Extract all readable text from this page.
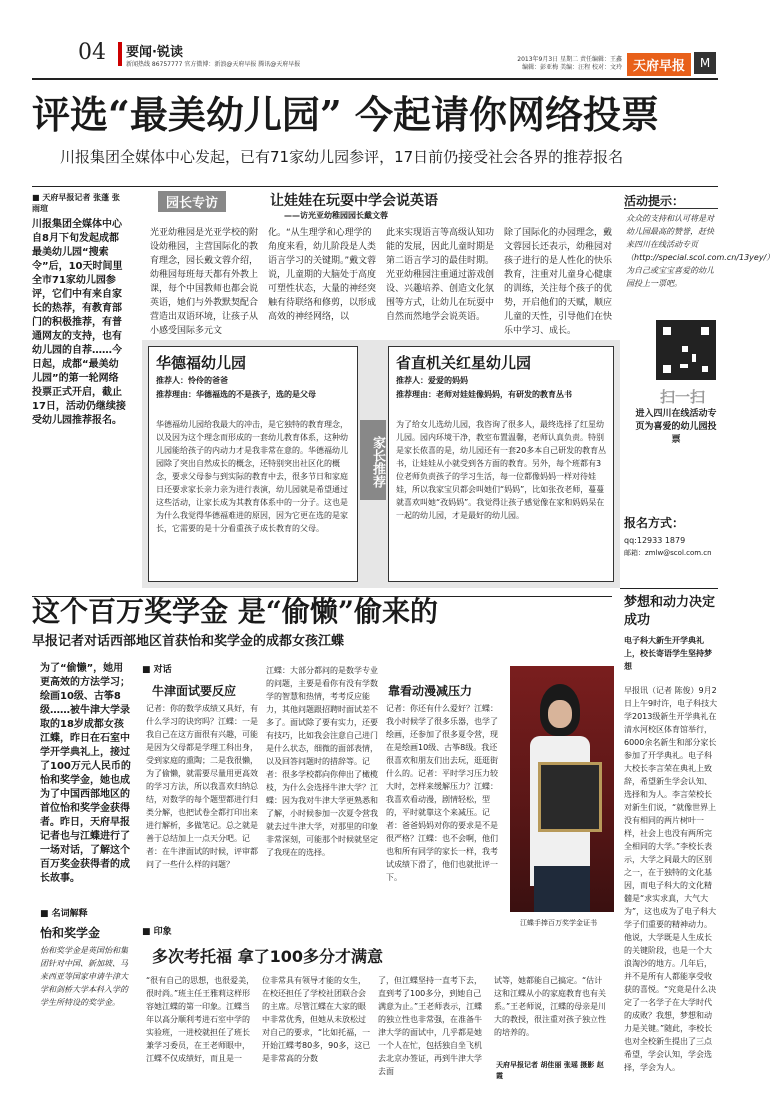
04 要闻·锐读
新闻热线 86757777 官方微博：新浪@天府早报 腾讯@天府早报
2013年9月3日 星期二 责任编辑：王鑫 编辑：彭亚梅 美编：汪程 校对：文玲 天府早报	M
评选“最美幼儿园” 今起请你网络投票
川报集团全媒体中心发起，已有71家幼儿园参评，17日前仍接受社会各界的推荐报名
■ 天府早报记者 张蓬 张雨瑄
川报集团全媒体中心自8月下旬发起成都最美幼儿园“搜索令”后，10天时间里全市71家幼儿园参评，它们中有来自家长的热荐，有教育部门的积极推荐，有普通网友的支持，也有幼儿园的自荐……今日起，成都“最美幼儿园”的第一轮网络投票正式开启，截止17日，活动仍继续接受幼儿园推荐报名。
园长专访	让娃娃在玩耍中学会说英语
——访光亚幼稚园园长戴文蓉
光亚幼稚园是光亚学校的附设幼稚园，主营国际化的教育理念，园长戴文蓉介绍，幼稚园每班每天都有外教上课，每个中国教师也都会说英语，她们与外教默契配合营造出双语环境，让孩子从小感受国际多元文
化。“从生理学和心理学的角度来看，幼儿阶段是人类语言学习的关键期。”戴文蓉说，儿童期的大脑处于高度可塑性状态，大量的神经突触有待联络和修剪，以形成高效的神经网络，以
此来实现语言等高级认知功能的发展，因此儿童时期是第二语言学习的最佳时期。光亚幼稚园注重通过游戏创设、兴趣培养、创造文化氛围等方式，让幼儿在玩耍中自然而然地学会说英语。
除了国际化的办园理念，戴文蓉园长还表示，幼稚园对孩子进行的是人性化的快乐教育，注重对儿童身心健康的训练，关注每个孩子的优势，开启他们的天赋，顺应儿童的天性，引导他们在快乐中学习、成长。
华德福幼儿园
推荐人：怜伶的爸爸
推荐理由：华德福选的不是孩子，选的是父母
华德福幼儿园给我最大的冲击，是它独特的教育理念，以及因为这个理念而形成的一套幼儿教育体系，这种幼儿园能给孩子的内动力才是我非常在意的。华德福幼儿园除了突出自然成长的概念，还特别突出社区化的概念，要求父母参与到实际的教育中去，很多节日和家庭日还要求家长亲力亲为进行表演，幼儿园就是希望通过这些活动，让家长成为其教育体系中的一分子。这也是为什么我觉得华德福难进的原因，因为它更在选的是家长，它需要的是十分看重孩子成长教育的父母。
家长推荐
省直机关红星幼儿园
推荐人：爱爱的妈妈
推荐理由：老师对娃娃像妈妈，有研发的教育丛书
为了给女儿选幼儿园，我咨询了很多人，最终选择了红星幼儿园。园内环境干净，教室布置温馨，老师认真负责。特别是家长侬喜的是，幼儿园还有一套20多本自己研发的教育丛书，让娃娃从小就受到各方面的教育。另外，每个班都有3位老师负责孩子的学习生活，每一位都像妈妈一样对待娃娃，所以我家宝贝都会叫她们“妈妈”，比如张孜老师，蔓蔓就喜欢叫她“孜妈妈”。我觉得让孩子感觉像在家和妈妈呆在一起的幼儿园，才是最好的幼儿园。
活动提示：
众众的支持和认可将是对幼儿园最高的赞誉，赶快来四川在线活动专页（http://special.scol.com.cn/13yey/）为自己或宝宝喜爱的幼儿园投上一票吧。
扫一扫
进入四川在线活动专页为喜爱的幼儿园投票
报名方式：
qq:12933 1879
邮箱：zmlw@scol.com.cn
这个百万奖学金 是“偷懒”偷来的
早报记者对话西部地区首获怡和奖学金的成都女孩江蝶
为了“偷懒”，她用更高效的方法学习；绘画10级、古筝8级……被牛津大学录取的18岁成都女孩江蝶，昨日在石室中学开学典礼上，接过了100万元人民币的怡和奖学金，她也成为了中国西部地区的首位怡和奖学金获得者。昨日，天府早报记者也与江蝶进行了一场对话，了解这个百万奖金获得者的成长故事。
■ 名词解释
怡和奖学金
怡和奖学金是英国怡和集团针对中国、新加坡、马来西亚等国家申请牛津大学和剑桥大学本科入学的学生所特设的奖学金。
■ 对话
牛津面试要反应
记者：你的数学成绩又具好，有什么学习的诀窍吗？江蝶：一是我自己在这方面很有兴趣，可能是因为父母都是学理工科出身，受到家庭的熏陶；二是我很懒，为了偷懒，就需要尽量用更高效的学习方法，所以我喜欢归纳总结，对数学的每个题型都进行归类分解，也把试卷全都打印出来进行解析，多做笔记。总之就是善于总结加上一点天分吧。记者：在牛津面试的时候，评审都问了一些什么样的问题？
江蝶：大部分都问的是数学专业的问题，主要是看你有没有学数学的智慧和热情，考考反应能力，其他问题跟招聘时面试差不多了。面试除了要有实力，还要有技巧，比如我会注意自己进门是什么状态，细微的面部表情，以及回答问题时的措辞等。记者：很多学校都向你伸出了橄榄枝，为什么会选择牛津大学？江蝶：因为我对牛津大学更熟悉和了解，小时候参加一次夏令营我就去过牛津大学，对那里的印象非常深刻，可能那个时候就坚定了我现在的选择。
靠看动漫减压力
记者：你还有什么爱好？江蝶：我小时候学了很多乐器，也学了绘画，还参加了很多夏令营，现在是绘画10级、古筝8级。我还很喜欢和朋友们出去玩，逛逛街什么的。记者：平时学习压力较大时，怎样来缓解压力？江蝶：我喜欢看动漫，剧情轻松，型的，平时就靠这个来减压。记者：爸爸妈妈对你的要求是不是很严格？江蝶：也不会啊，他们也和所有同学的家长一样，我考试成绩下滑了，他们也就批评一下。
江蝶手捧百万奖学金证书
■ 印象
多次考托福 拿了100多分才满意
“很有自己的思想，也很爱美，很时尚。”班主任王雅莉这样形容她江蝶的第一印象。江蝶当年以高分顺利考进石室中学的实验班，一进校就担任了班长兼学习委员，在王老师眼中，江蝶不仅成绩好，而且是一
位非常具有领导才能的女生，在校还担任了学校社团联合会的主席。尽管江蝶在大家的眼中非常优秀，但她从未放松过对自己的要求，“比如托福，一开始江蝶考80多，90多，这已是非常高的分数
了，但江蝶坚持一直考下去，直到考了100多分，到她自己满意为止。”王老师表示，江蝶的独立性也非常强，在准备牛津大学的面试中，几乎都是她一个人在忙，包括独自坐飞机去北京办签证，再到牛津大学去面
试等，她都能自己搞定。“估计这和江蝶从小的家庭教育也有关系。”王老师说，江蝶的母亲是川大的教授，很注重对孩子独立性的培养的。
天府早报记者 胡佳丽 张瑶 摄影 赵霞
梦想和动力决定成功
电子科大新生开学典礼上，校长寄语学生坚持梦想
早报讯（记者 陈俊）9月2日上午9时许，电子科技大学2013级新生开学典礼在清水河校区体育馆举行，6000余名新生和部分家长参加了开学典礼。电子科大校长李言荣在典礼上致辞，希望新生学会认知、选择和为人。李言荣校长对新生们说，“就像世界上没有相同的两片树叶一样，社会上也没有两所完全相同的大学。”李校长表示，大学之间最大的区别之一，在于独特的文化基因，而电子科大的文化精髓是“求实求真，大气大为”，这也成为了电子科大学子们重要的精神动力。他说，大学既是人生成长的关键阶段，也是一个大浪淘沙的地方。几年后，并不是所有人都能享受收获的喜悦。“究竟是什么决定了一名学子在大学时代的成败？我想，梦想和动力是关键。”随此，李校长也对全校新生提出了三点希望，学会认知，学会选择，学会为人。
